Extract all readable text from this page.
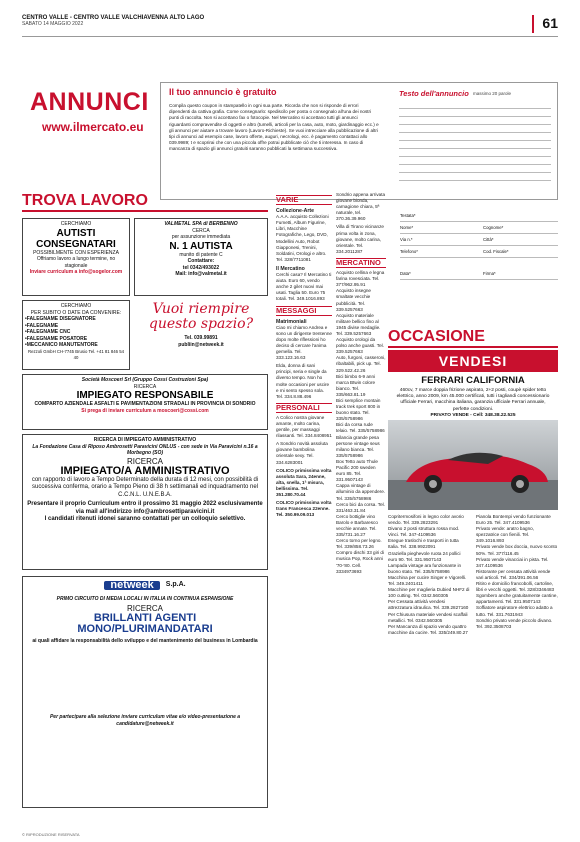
CENTRO VALLE - CENTRO VALLE VALCHIAVENNA ALTO LAGO
SABATO 14 MAGGIO 2022	61
ANNUNCI
www.ilmercato.eu
Il tuo annuncio è gratuito
Compila questo coupon in stampatello in ogni sua parte. Ricorda che non si risponde di errori dipendenti da cattiva grafia. Come consegnarlo: spediscilo per posta o consegnalo all'una dei nostri punti di raccolta. Non si accettano fax o fotocopie. Nel Mercatino si accettano tutti gli annunci riguardanti compravendite di oggetti e altro (tumelli, articoli per la casa, auto, moto, giardinaggio ecc.) e gli annunci per aiutare a trovare lavoro (Lavoro-Richieste). Se vuoi intrecciare alla pubblicazione di altri tipi di annunci ad esempio case, lavoro offerte, auguri, necrologi, ecc. è pagamento contattaci allo 039.9989; t e scoprirai che con una piccola offre potrai pubblicate ciò che ti interessa. In caso di mancanza di spazio gli annunci gratuiti saranno pubblicati la settimana successiva.
Testo dell'annuncio massimo 20 parole
Testata*
Nome*	Cognome*
Via n.*	Città*
Telefono*	Cod. Fiscale*
Data*	Firma*
TROVA LAVORO
CERCHIAMO
AUTISTI CONSEGNATARI
POSSIBILMENTE CON ESPERIENZA
Offriamo lavoro a lungo termine, no stagionale
Inviare curriculum a info@sogelor.com
VALMETAL SPA di BERBENNO
CERCA
per assunzione immediata
N. 1 AUTISTA
munito di patente C
Contattare:
tel 0342/493022
Mail: info@valmetal.it
CERCHIAMO
PER SUBITO O DATE DA CONVENIRE:
•FALEGNAME DISEGNATORE
•FALEGNAME
•FALEGNAME CNC
•FALEGNAME POSATORE
•MECCANICO MANUTENTORE
Rezzoli GmbH CH-7745 Brusio Tel. +41 81 846 54 40
Vuoi riempire questo spazio?
Tel. 039.99891
publiin@netweek.it
Società Moscoeri Srl (Gruppo Cossi Costruzioni Spa)
RICERCA
IMPIEGATO RESPONSABILE
COMPARTO AZIENDALE ASFALTI E PAVIMENTAZIONI STRADALI IN PROVINCIA DI SONDRIO
Si prega di inviare curriculum a moscoeri@cossi.com
RICERCA DI IMPIEGATO AMMINISTRATIVO
La Fondazione Casa di Riposo Ambrosetti Paravicini ONLUS - con sede in Via Paravicini n.16 a Morbegno (SO)
RICERCA
IMPIEGATO/A AMMINISTRATIVO
con rapporto di lavoro a Tempo Determinato della durata di 12 mesi, con possibilità di successiva conferma, orario a Tempo Pieno di 38 h settimanali ed inquadramento nel C.C.N.L. U.N.E.B.A.
Presentare il proprio Curriculum entro il prossimo 31 maggio 2022 esclusivamente via mail all'indirizzo info@ambrosettiparavicini.it
I candidati ritenuti idonei saranno contattati per un colloquio selettivo.
netweek	S.p.A.
PRIMO CIRCUITO DI MEDIA LOCALI IN ITALIA IN CONTINUA ESPANSIONE
RICERCA
BRILLANTI AGENTI MONO/PLURIMANDATARI
ai quali affidare la responsabilità dello sviluppo e del mantenimento del business in Lombardia
Per partecipare alla selezione inviare curriculum vitae e/o video-presentazione a candidature@netweek.it
VARIE
Collezione-Arte
A.A.A. acquisto Collezioni Fumetti, Album Figurine, Libri, Macchine Fotografiche, Lego, DVD, Modellini Auto, Robot Giapponesi, Trenini, Soldatini, Orologi e altro. Tel. 328/7711081
Il Mercatino
Cerchi casa? Il Mercatino ti aiuta. Euro 60, vendo anche 2 gilet nuovi mai usati. Taglia 50. Euro 75 totali. Tel. 349.1016.893
MESSAGGI
Matrimoniali
Ciao mi chiamo Andrea e sono un dirigente trentenne dopo molte riflessioni ho deciso di cercare l'anima gemella. Tel. 333.123.16.63
Elda, donna di sani principi, seria e single da diverso tempo. Non ho molte occasioni per uscire e mi sento spesso sola. Tel. 334.8.88.496
PERSONALI
A Colico nostra giovane amante, molto carina, gentile, per massaggi rilassanti. Tel. 334.8408951
A Sondrio novità assoluta giovane bambolina orientale sexy. Tel. 334.6283001
COLICO primissima volta assoluta Sara, 24enne, alta, snella, 1ª misura, bellissima. Tel. 351.280.70.44
COLICO primissima volta trans Francesca 22enne. Tel. 350.99.09.013
Sondrio appena arrivata giovane bionda, carnagione chiara, 5ª naturale, tel. 370.36.39.960
Villa di Tirano vicinanze prima volta in zona, giovane, molto carina, orientale. Tel. 334.2011287
MERCATINO
Acquisto cellina e legna farina rovesciata. Tel. 377/962.95.91
Acquisto insegne smaltate vecchie pubblicità. Tel. 339.5257663
Acquisto materiale militare bellico fino al 1945 divise medaglie. Tel. 339.5257663
Acquisto orologi da polso anche guasti. Tel. 339.5257663
Auto, furgoni, casseroni, ribaltabili, pick up. Tel. 329.522.42.26
Bici bimbo 6-9 anni marca Btwin colore bianco. Tel. 335/663.81.19
Bici semplice montain track trek sport 800 in buono stato. Tel. 335/5758986
Bici da corsa rude telaio. Tel. 335/5758986
Bilancia grande pesa persone vintage seus milano bianca. Tel. 335/5758986
Box Tetto auto Thule Pacific 200 sweden euro 85. Tel. 331.9507143
Cappa vintage di alluminio da appendere. Tel. 335/5758986
Cerco bici da corsa. Tel. 331/463.31.84
Cerco bottiglie vino Barolo e Barbaresco vecchie annate. Tel. 335/731.16.27
Cerco torno per legno. Tel. 339/858.73.26
Compro dischi 33 giri di musica Pop, Rock anni '70-'80. Cell. 3334973693
OCCASIONE
VENDESI
FERRARI CALIFORNIA
460cv, 7 marce doppia frizione aspirato, 2+2 posti, coupè spider tetto elettrico, anno 2009, km 45.000 certificati, tutti i tagliandi concessionario ufficiale Ferrari, macchina italiana, garanzia ufficiale Ferrari annuale, perfette condizioni.
PRIVATO VENDE - Cell: 348.38.22.525
Copritermosifoni in legno color avorio vendo. Tel. 339.2823291
Divano 2 posti struttura rossa mod. Vinci. Tel. 347-4109536
Esegue traslochi e trasporti in tutta Italia. Tel. 338.9922091
Graziella pieghevole ruota 24 pollici euro 90. Tel. 331.9507143
Lampada vintage ara funzionante in buono stato. Tel. 335/5758986
Macchina per cucire Singer e Vigorelli. Tel. 349.2401411
Macchine per maglieria Dubied NHF2 di 100 cutting. Tel. 0342.560305
Per Cessata attività vendesi attrezzatura idraulica. Tel. 339.2827160
Per Chiusura materiale vendesi scaffali metallici. Tel. 0342.560305
Per Mancanza di spazio vendo quattro macchine da cucire. Tel. 335/249.80.27
Pianola Bontempi vendo funzionante Euro 25. Tel. 347.4109536
Privato vende: aratro bagno, spezzatrice con fienili. Tel. 349.1016.893
Privato vende box doccia, nuovo sconto 50%. Tel. 377/116.45
Privato vende vinacciai in pista. Tel. 347.4109536
Ristorante per cessata attività vende vari articoli. Tel. 334/391.06.56
Ritiro e domicilio francobolli, cartoline, libri e vecchi oggetti. Tel. 328/3346483
Sgombero anche gratuitamente cantine, appartamenti. Tel. 331.9507143
Soffiatore aspiratore elettrico adatto a tutto. Tel. 331.7631943
Sondrio privato vende piccolo divano. Tel. 392.3508703
© RIPRODUZIONE RISERVATA
